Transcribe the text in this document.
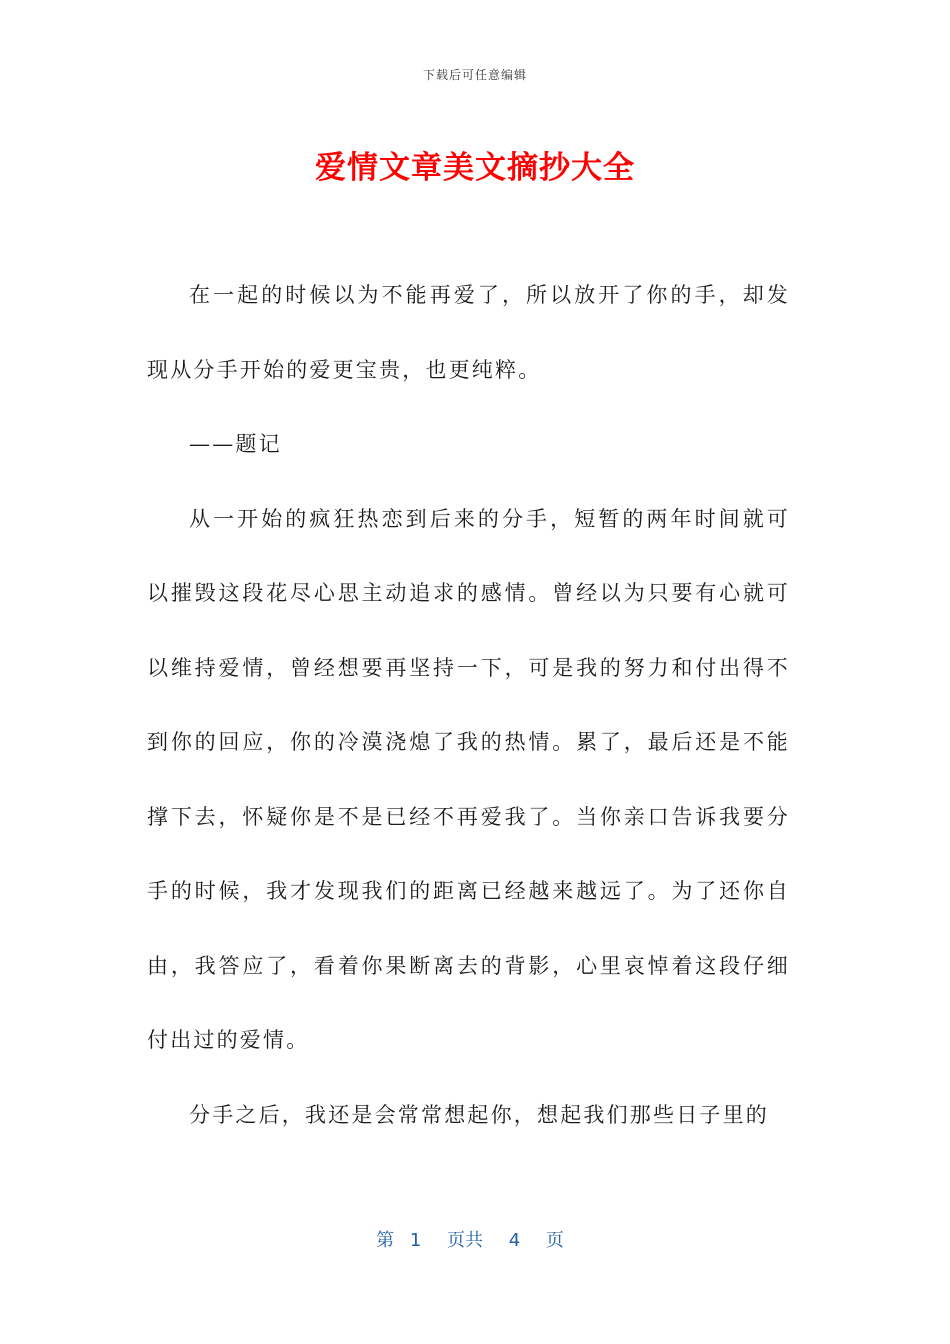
下载后可任意编辑
爱情文章美文摘抄大全

在一起的时候以为不能再爱了，所以放开了你的手，却发现从分手开始的爱更宝贵，也更纯粹。

——题记

从一开始的疯狂热恋到后来的分手，短暂的两年时间就可以摧毁这段花尽心思主动追求的感情。曾经以为只要有心就可以维持爱情，曾经想要再坚持一下，可是我的努力和付出得不到你的回应，你的冷漠浇熄了我的热情。累了，最后还是不能撑下去，怀疑你是不是已经不再爱我了。当你亲口告诉我要分手的时候，我才发现我们的距离已经越来越远了。为了还你自由，我答应了，看着你果断离去的背影，心里哀悼着这段仔细付出过的爱情。

分手之后，我还是会常常想起你，想起我们那些日子里的

第 1 页共 4 页
